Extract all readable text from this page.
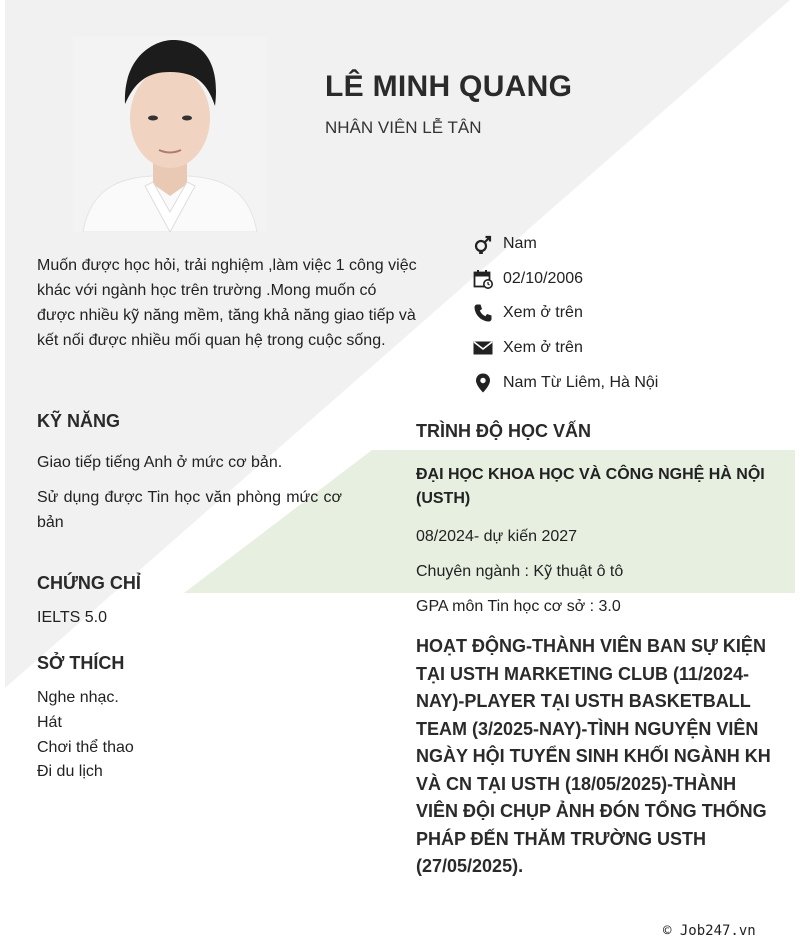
LÊ MINH QUANG
NHÂN VIÊN LỄ TÂN
Muốn được học hỏi, trải nghiệm ,làm việc 1 công việc khác với ngành học trên trường .Mong muốn có được nhiều kỹ năng mềm, tăng khả năng giao tiếp và kết nối được nhiều mối quan hệ trong cuộc sống.
Nam
02/10/2006
Xem ở trên
Xem ở trên
Nam Từ Liêm, Hà Nội
KỸ NĂNG
Giao tiếp tiếng Anh ở mức cơ bản.
Sử dụng được Tin học văn phòng mức cơ bản
CHỨNG CHỈ
IELTS 5.0
SỞ THÍCH
Nghe nhạc.
Hát
Chơi thể thao
Đi du lịch
TRÌNH ĐỘ HỌC VẤN
ĐẠI HỌC KHOA HỌC VÀ CÔNG NGHỆ HÀ NỘI (USTH)
08/2024- dự kiến 2027
Chuyên ngành : Kỹ thuật ô tô
GPA môn Tin học cơ sở : 3.0
HOẠT ĐỘNG-THÀNH VIÊN BAN SỰ KIỆN TẠI USTH MARKETING CLUB (11/2024-NAY)-PLAYER TẠI USTH BASKETBALL TEAM (3/2025-NAY)-TÌNH NGUYỆN VIÊN NGÀY HỘI TUYỂN SINH KHỐI NGÀNH KH VÀ CN TẠI USTH (18/05/2025)-THÀNH VIÊN ĐỘI CHỤP ẢNH ĐÓN TỔNG THỐNG PHÁP ĐẾN THĂM TRƯỜNG USTH (27/05/2025).
© Job247.vn
